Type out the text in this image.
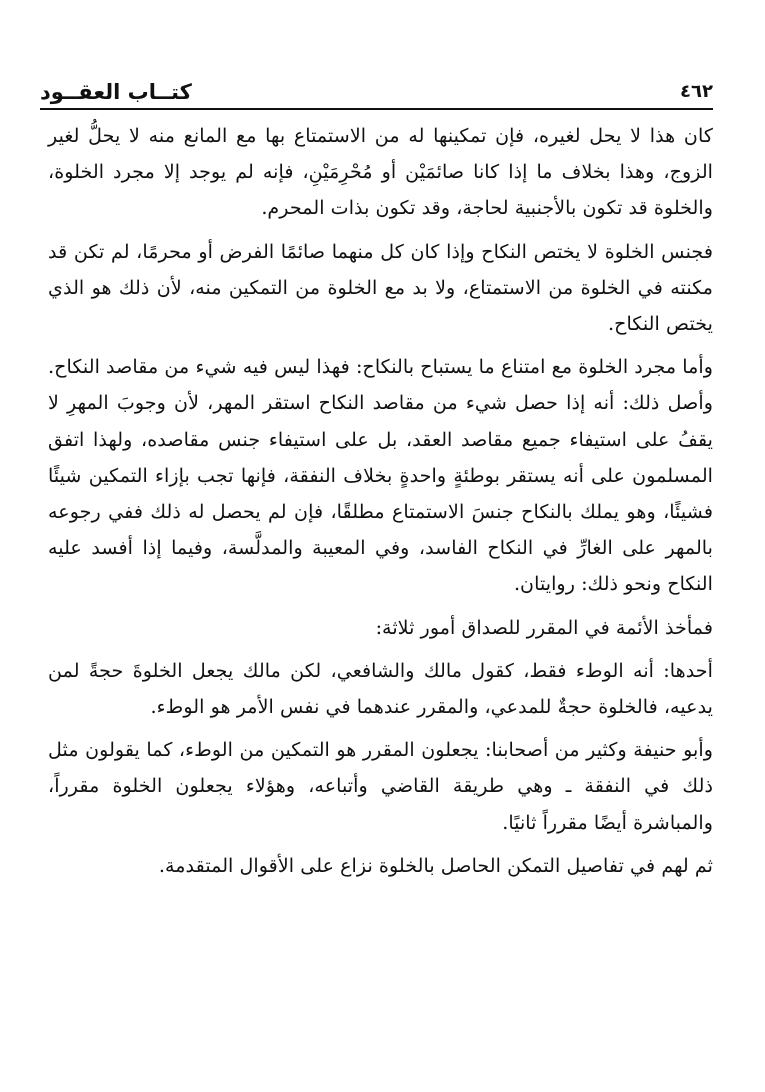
كتــاب العقــود	٤٦٢

كان هذا لا يحل لغيره، فإن تمكينها له من الاستمتاع بها مع المانع منه لا يحلُّ لغير الزوج، وهذا بخلاف ما إذا كانا صائمَيْن أو مُحْرِمَيْنِ، فإنه لم يوجد إلا مجرد الخلوة، والخلوة قد تكون بالأجنبية لحاجة، وقد تكون بذات المحرم.

فجنس الخلوة لا يختص النكاح وإذا كان كل منهما صائمًا الفرض أو محرمًا، لم تكن قد مكنته في الخلوة من الاستمتاع، ولا بد مع الخلوة من التمكين منه، لأن ذلك هو الذي يختص النكاح.

وأما مجرد الخلوة مع امتناع ما يستباح بالنكاح: فهذا ليس فيه شيء من مقاصد النكاح. وأصل ذلك: أنه إذا حصل شيء من مقاصد النكاح استقر المهر، لأن وجوبَ المهرِ لا يقفُ على استيفاء جميع مقاصد العقد، بل على استيفاء جنس مقاصده، ولهذا اتفق المسلمون على أنه يستقر بوطئةٍ واحدةٍ بخلاف النفقة، فإنها تجب بإزاء التمكين شيئًا فشيئًا، وهو يملك بالنكاح جنسَ الاستمتاع مطلقًا، فإن لم يحصل له ذلك ففي رجوعه بالمهر على الغارِّ في النكاح الفاسد، وفي المعيبة والمدلَّسة، وفيما إذا أفسد عليه النكاح ونحو ذلك: روايتان.

فمأخذ الأئمة في المقرر للصداق أمور ثلاثة:

أحدها: أنه الوطء فقط، كقول مالك والشافعي، لكن مالك يجعل الخلوةَ حجةً لمن يدعيه، فالخلوة حجةٌ للمدعي، والمقرر عندهما في نفس الأمر هو الوطء.

وأبو حنيفة وكثير من أصحابنا: يجعلون المقرر هو التمكين من الوطء، كما يقولون مثل ذلك في النفقة ـ وهي طريقة القاضي وأتباعه، وهؤلاء يجعلون الخلوة مقرراً، والمباشرة أيضًا مقرراً ثانيًا.

ثم لهم في تفاصيل التمكن الحاصل بالخلوة نزاع على الأقوال المتقدمة.
